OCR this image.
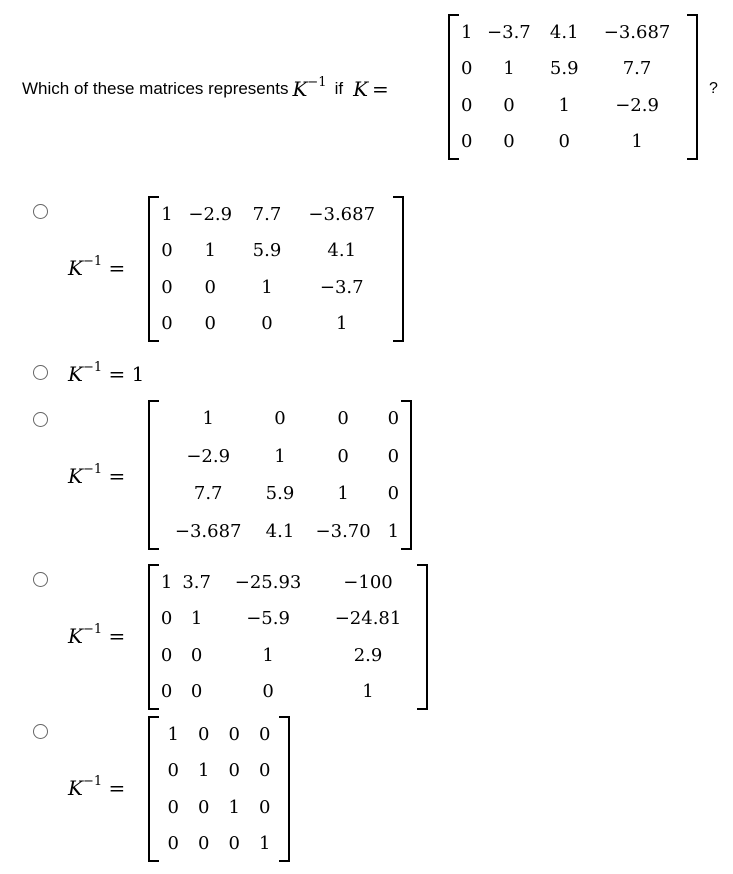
Which of these matrices represents $K^{-1}$ if K =
1	−3.7	4.1	−3.687
0	1	5.9	7.7
0	0	1	−2.9
0	0	0	1
?
$K^{-1}$ =
1	−2.9	7.7	−3.687
0	1	5.9	4.1
0	0	1	−3.7
0	0	0	1
$K^{-1} = 1$
$K^{-1}$ =
1	0	0	0
−2.9	1	0	0
7.7	5.9	1	0
−3.687	4.1	−3.70	1
$K^{-1}$ =
1	3.7	−25.93	−100
0	1	−5.9	−24.81
0	0	1	2.9
0	0	0	1
$K^{-1}$ =
1	0	0	0
0	1	0	0
0	0	1	0
0	0	0	1
